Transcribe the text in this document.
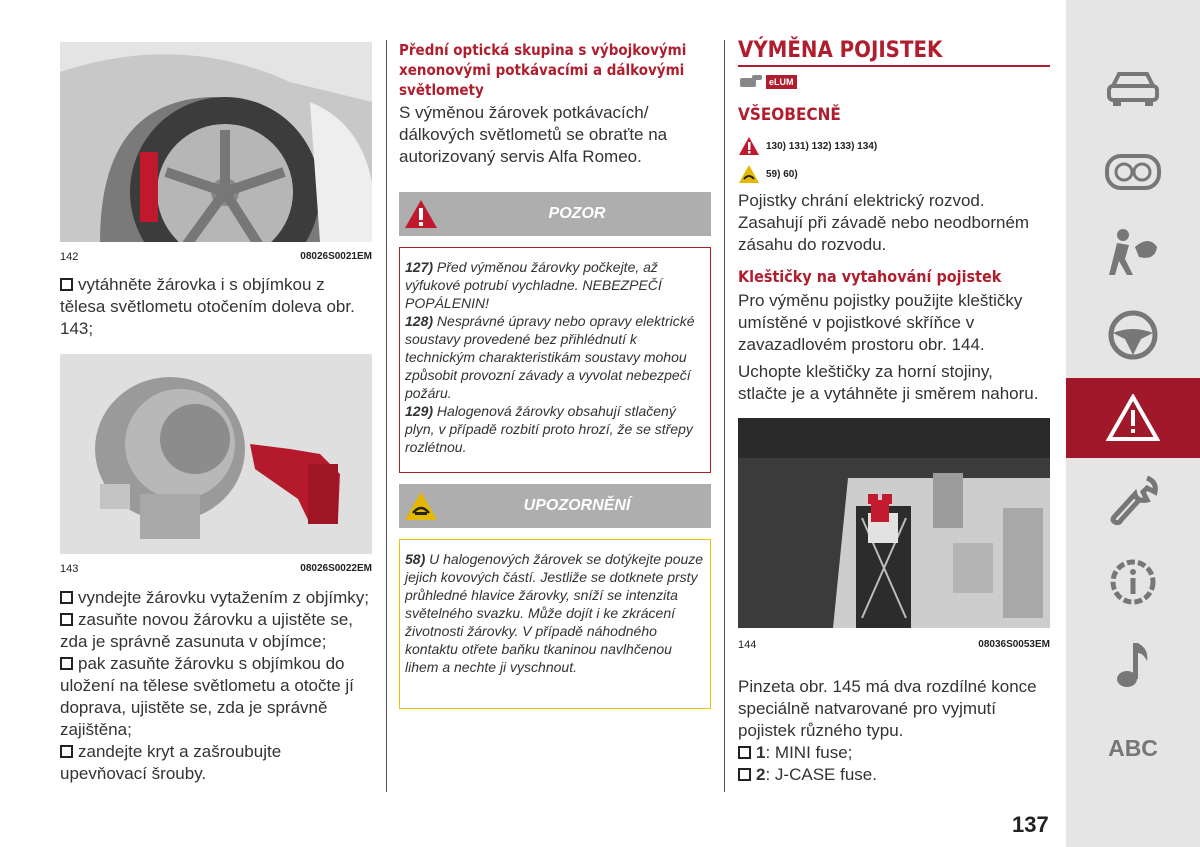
142	08026S0021EM
vytáhněte žárovka i s objímkou z tělesa světlometu otočením doleva obr. 143;
143	08026S0022EM
vyndejte žárovku vytažením z objímky;
zasuňte novou žárovku a ujistěte se, zda je správně zasunuta v objímce;
pak zasuňte žárovku s objímkou do uložení na tělese světlometu a otočte jí doprava, ujistěte se, zda je správně zajištěna;
zandejte kryt a zašroubujte upevňovací šrouby.
Přední optická skupina s výbojkovými xenonovými potkávacími a dálkovými světlomety
S výměnou žárovek potkávacích/ dálkových světlometů se obraťte na autorizovaný servis Alfa Romeo.
POZOR
127) Před výměnou žárovky počkejte, až výfukové potrubí vychladne. NEBEZPEČÍ POPÁLENIN!
128) Nesprávné úpravy nebo opravy elektrické soustavy provedené bez přihlédnutí k technickým charakteristikám soustavy mohou způsobit provozní závady a vyvolat nebezpečí požáru.
129) Halogenová žárovky obsahují stlačený plyn, v případě rozbití proto hrozí, že se střepy rozlétnou.
UPOZORNĚNÍ
58) U halogenových žárovek se dotýkejte pouze jejich kovových částí. Jestliže se dotknete prsty průhledné hlavice žárovky, sníží se intenzita světelného svazku. Může dojít i ke zkrácení životnosti žárovky. V případě náhodného kontaktu otřete baňku tkaninou navlhčenou lihem a nechte ji vyschnout.
VÝMĚNA POJISTEK
eLUM
VŠEOBECNĚ
130) 131) 132) 133) 134)
59) 60)
Pojistky chrání elektrický rozvod. Zasahují při závadě nebo neodborném zásahu do rozvodu.
Kleštičky na vytahování pojistek
Pro výměnu pojistky použijte kleštičky umístěné v pojistkové skříňce v zavazadlovém prostoru obr. 144.
Uchopte kleštičky za horní stojiny, stlačte je a vytáhněte ji směrem nahoru.
144	08036S0053EM
Pinzeta obr. 145 má dva rozdílné konce speciálně natvarované pro vyjmutí pojistek různého typu.
1: MINI fuse;
2: J-CASE fuse.
137
ABC
